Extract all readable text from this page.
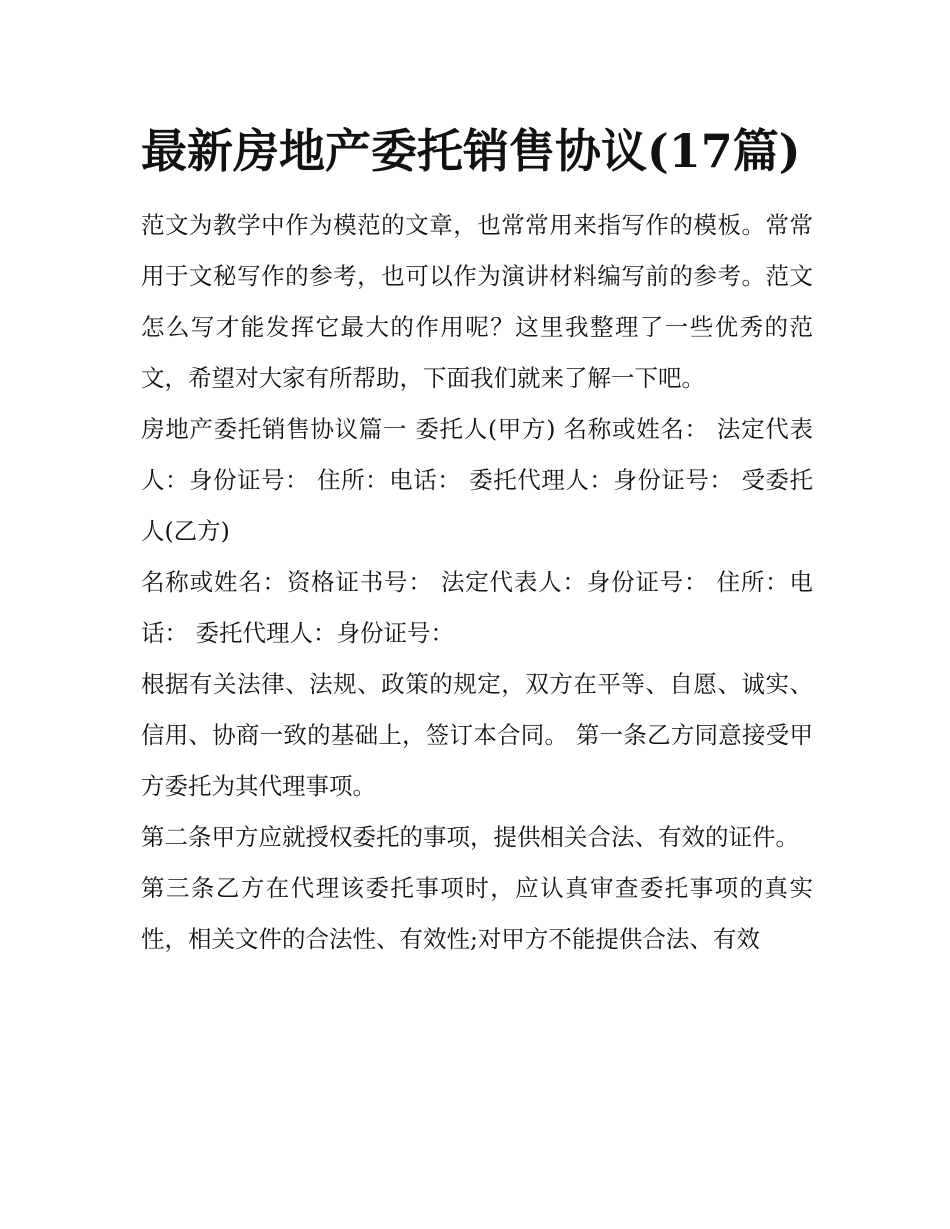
最新房地产委托销售协议(17篇)

范文为教学中作为模范的文章，也常常用来指写作的模板。常常用于文秘写作的参考，也可以作为演讲材料编写前的参考。范文怎么写才能发挥它最大的作用呢？这里我整理了一些优秀的范文，希望对大家有所帮助，下面我们就来了解一下吧。

房地产委托销售协议篇一 委托人(甲方) 名称或姓名： 法定代表人：身份证号： 住所：电话： 委托代理人：身份证号： 受委托人(乙方)

名称或姓名：资格证书号： 法定代表人：身份证号： 住所：电话： 委托代理人：身份证号：

根据有关法律、法规、政策的规定，双方在平等、自愿、诚实、信用、协商一致的基础上，签订本合同。 第一条乙方同意接受甲方委托为其代理事项。

第二条甲方应就授权委托的事项，提供相关合法、有效的证件。

第三条乙方在代理该委托事项时，应认真审查委托事项的真实性，相关文件的合法性、有效性;对甲方不能提供合法、有效
